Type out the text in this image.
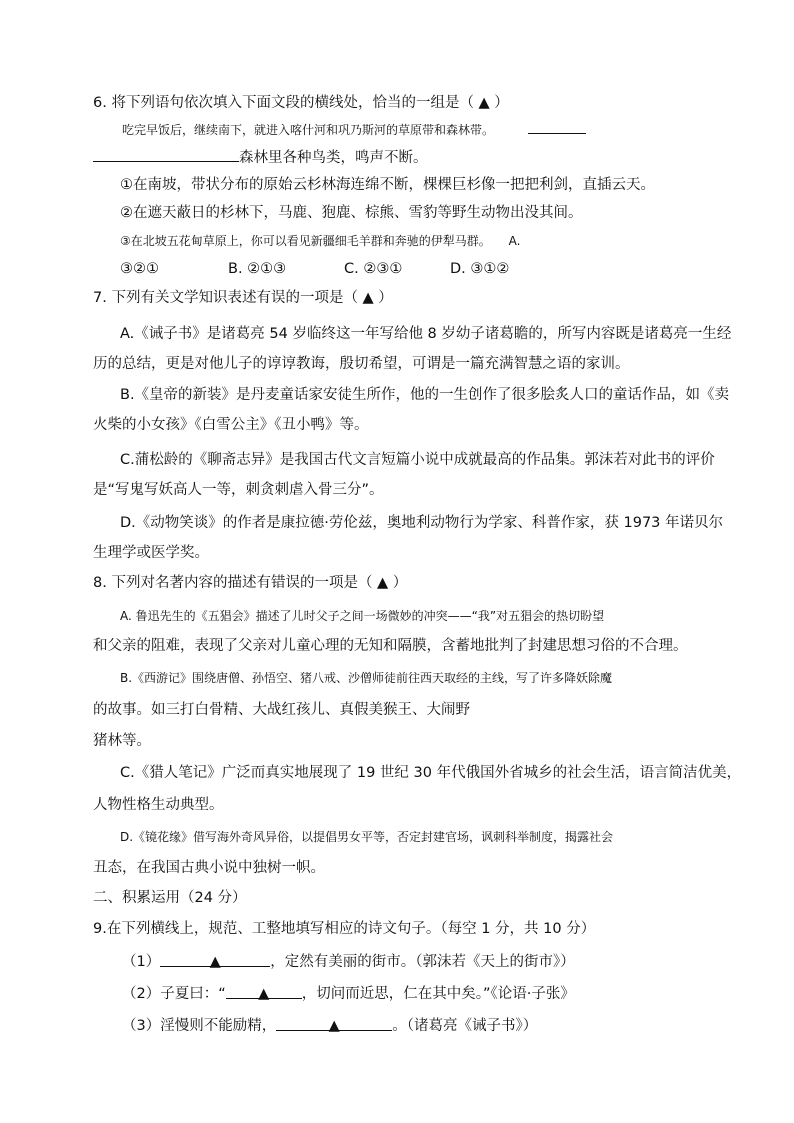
6. 将下列语句依次填入下面文段的横线处，恰当的一组是（ ▲ ）
吃完早饭后，继续南下，就进入喀什河和巩乃斯河的草原带和森林带。
森林里各种鸟类，鸣声不断。
①在南坡，带状分布的原始云杉林海连绵不断，棵棵巨杉像一把把利剑，直插云天。
②在遮天蔽日的杉林下，马鹿、狍鹿、棕熊、雪豹等野生动物出没其间。
③在北坡五花甸草原上，你可以看见新疆细毛羊群和奔驰的伊犁马群。 A.
③②①	B. ②①③	C. ②③①	D. ③①②
7. 下列有关文学知识表述有误的一项是（ ▲ ）
A.《诫子书》是诸葛亮 54 岁临终这一年写给他 8 岁幼子诸葛瞻的，所写内容既是诸葛亮一生经
历的总结，更是对他儿子的谆谆教诲，殷切希望，可谓是一篇充满智慧之语的家训。
B.《皇帝的新装》是丹麦童话家安徒生所作，他的一生创作了很多脍炙人口的童话作品，如《卖
火柴的小女孩》《白雪公主》《丑小鸭》等。
C.蒲松龄的《聊斋志异》是我国古代文言短篇小说中成就最高的作品集。郭沫若对此书的评价
是“写鬼写妖高人一等，刺贪刺虐入骨三分”。
D.《动物笑谈》的作者是康拉德·劳伦兹，奥地利动物行为学家、科普作家，获 1973 年诺贝尔
生理学或医学奖。
8. 下列对名著内容的描述有错误的一项是（ ▲ ）
A. 鲁迅先生的《五猖会》描述了儿时父子之间一场微妙的冲突——“我”对五猖会的热切盼望
和父亲的阻难，表现了父亲对儿童心理的无知和隔膜，含蓄地批判了封建思想习俗的不合理。
B.《西游记》围绕唐僧、孙悟空、猪八戒、沙僧师徒前往西天取经的主线，写了许多降妖除魔
的故事。如三打白骨精、大战红孩儿、真假美猴王、大闹野
猪林等。
C.《猎人笔记》广泛而真实地展现了 19 世纪 30 年代俄国外省城乡的社会生活，语言简洁优美，
人物性格生动典型。
D.《镜花缘》借写海外奇风异俗，以提倡男女平等，否定封建官场，讽刺科举制度，揭露社会
丑态，在我国古典小说中独树一帜。
二、积累运用（24 分）
9.在下列横线上，规范、工整地填写相应的诗文句子。（每空 1 分，共 10 分）
（1）	▲	，定然有美丽的街市。（郭沫若《天上的街市》）
（2）子夏曰：“ ▲ ，切问而近思，仁在其中矣。”《论语·子张》
（3）淫慢则不能励精，	▲	。（诸葛亮《诫子书》）
